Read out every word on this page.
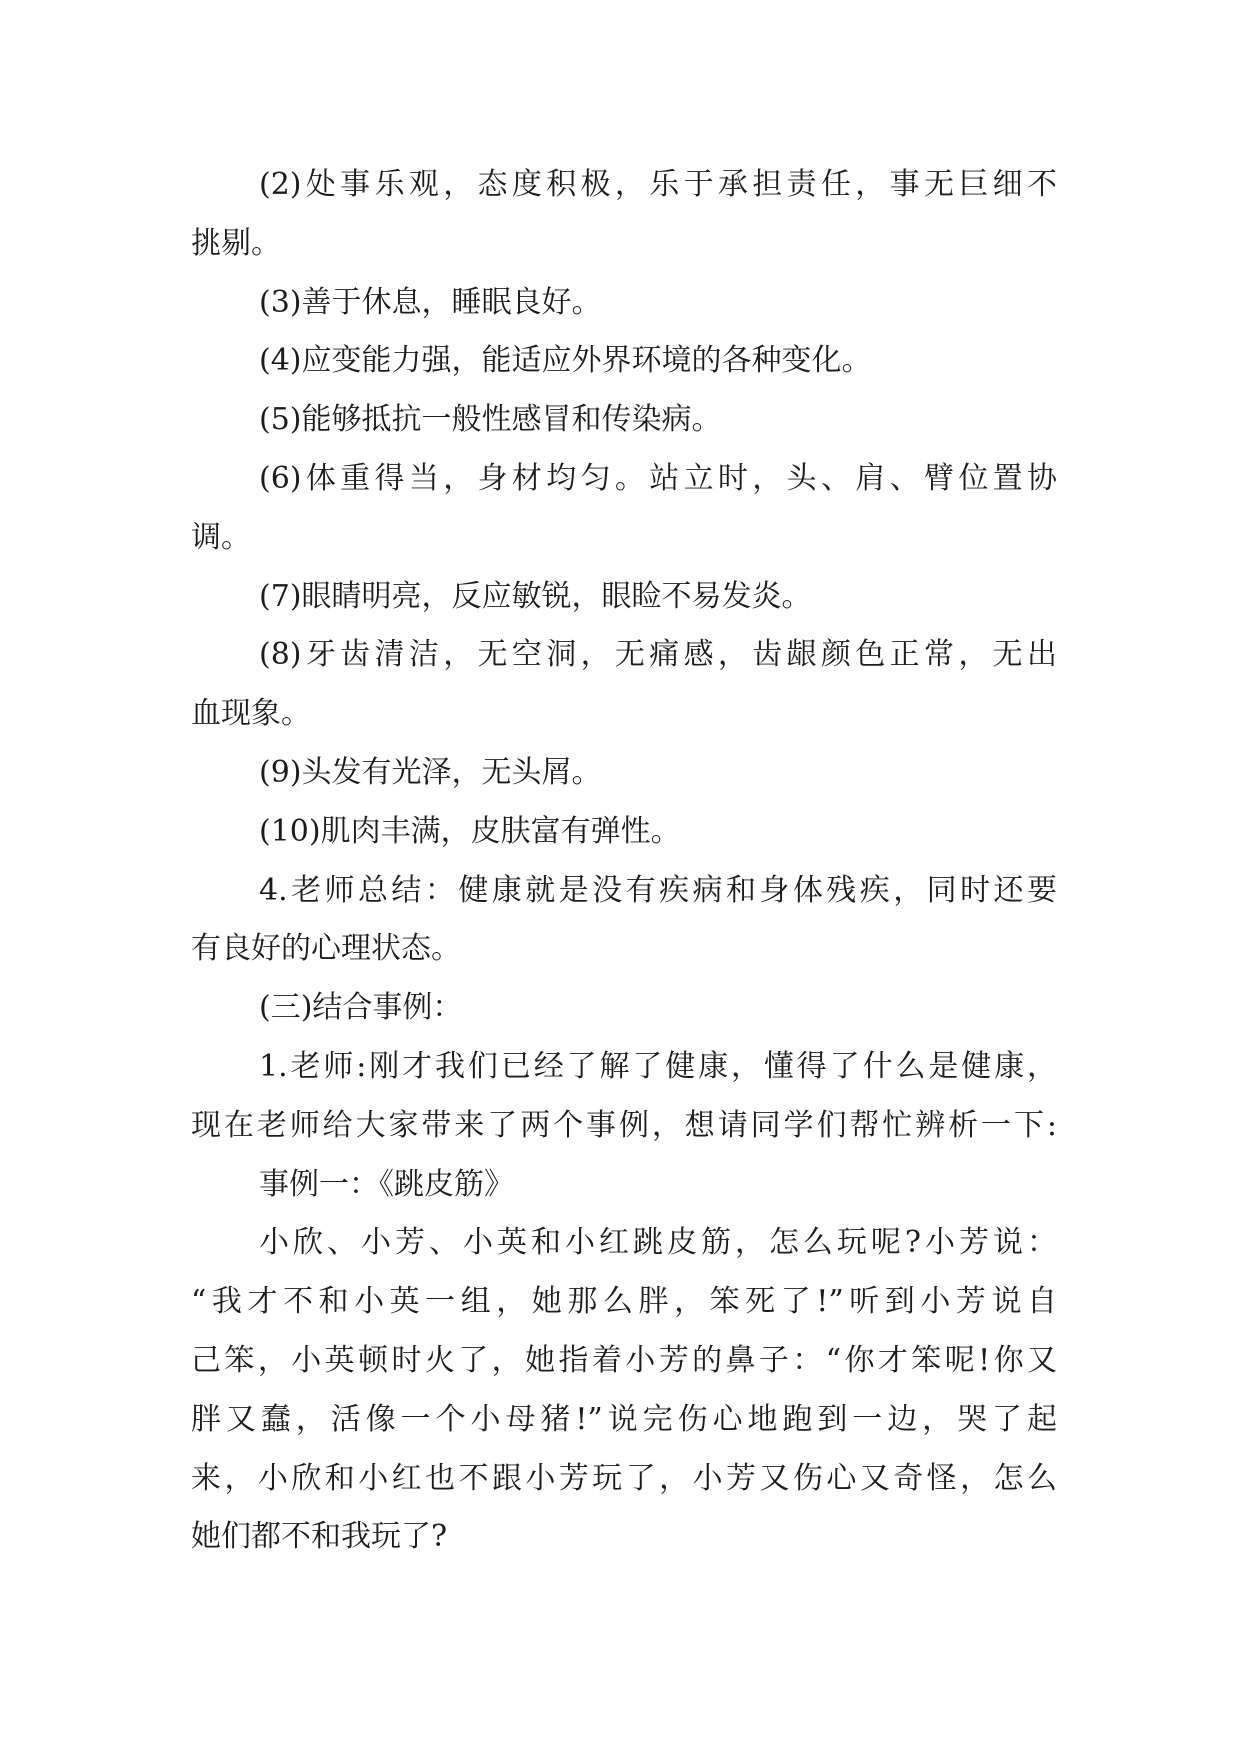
(2)处事乐观，态度积极，乐于承担责任，事无巨细不
挑剔。
(3)善于休息，睡眠良好。
(4)应变能力强，能适应外界环境的各种变化。
(5)能够抵抗一般性感冒和传染病。
(6)体重得当，身材均匀。站立时，头、肩、臂位置协
调。
(7)眼睛明亮，反应敏锐，眼睑不易发炎。
(8)牙齿清洁，无空洞，无痛感，齿龈颜色正常，无出
血现象。
(9)头发有光泽，无头屑。
(10)肌肉丰满，皮肤富有弹性。
4.老师总结：健康就是没有疾病和身体残疾，同时还要
有良好的心理状态。
(三)结合事例：
1.老师:刚才我们已经了解了健康，懂得了什么是健康，
现在老师给大家带来了两个事例，想请同学们帮忙辨析一下:
事例一：《跳皮筋》
小欣、小芳、小英和小红跳皮筋，怎么玩呢?小芳说：
“我才不和小英一组，她那么胖，笨死了!”听到小芳说自
己笨，小英顿时火了，她指着小芳的鼻子：“你才笨呢!你又
胖又蠢，活像一个小母猪!”说完伤心地跑到一边，哭了起
来，小欣和小红也不跟小芳玩了，小芳又伤心又奇怪，怎么
她们都不和我玩了?
